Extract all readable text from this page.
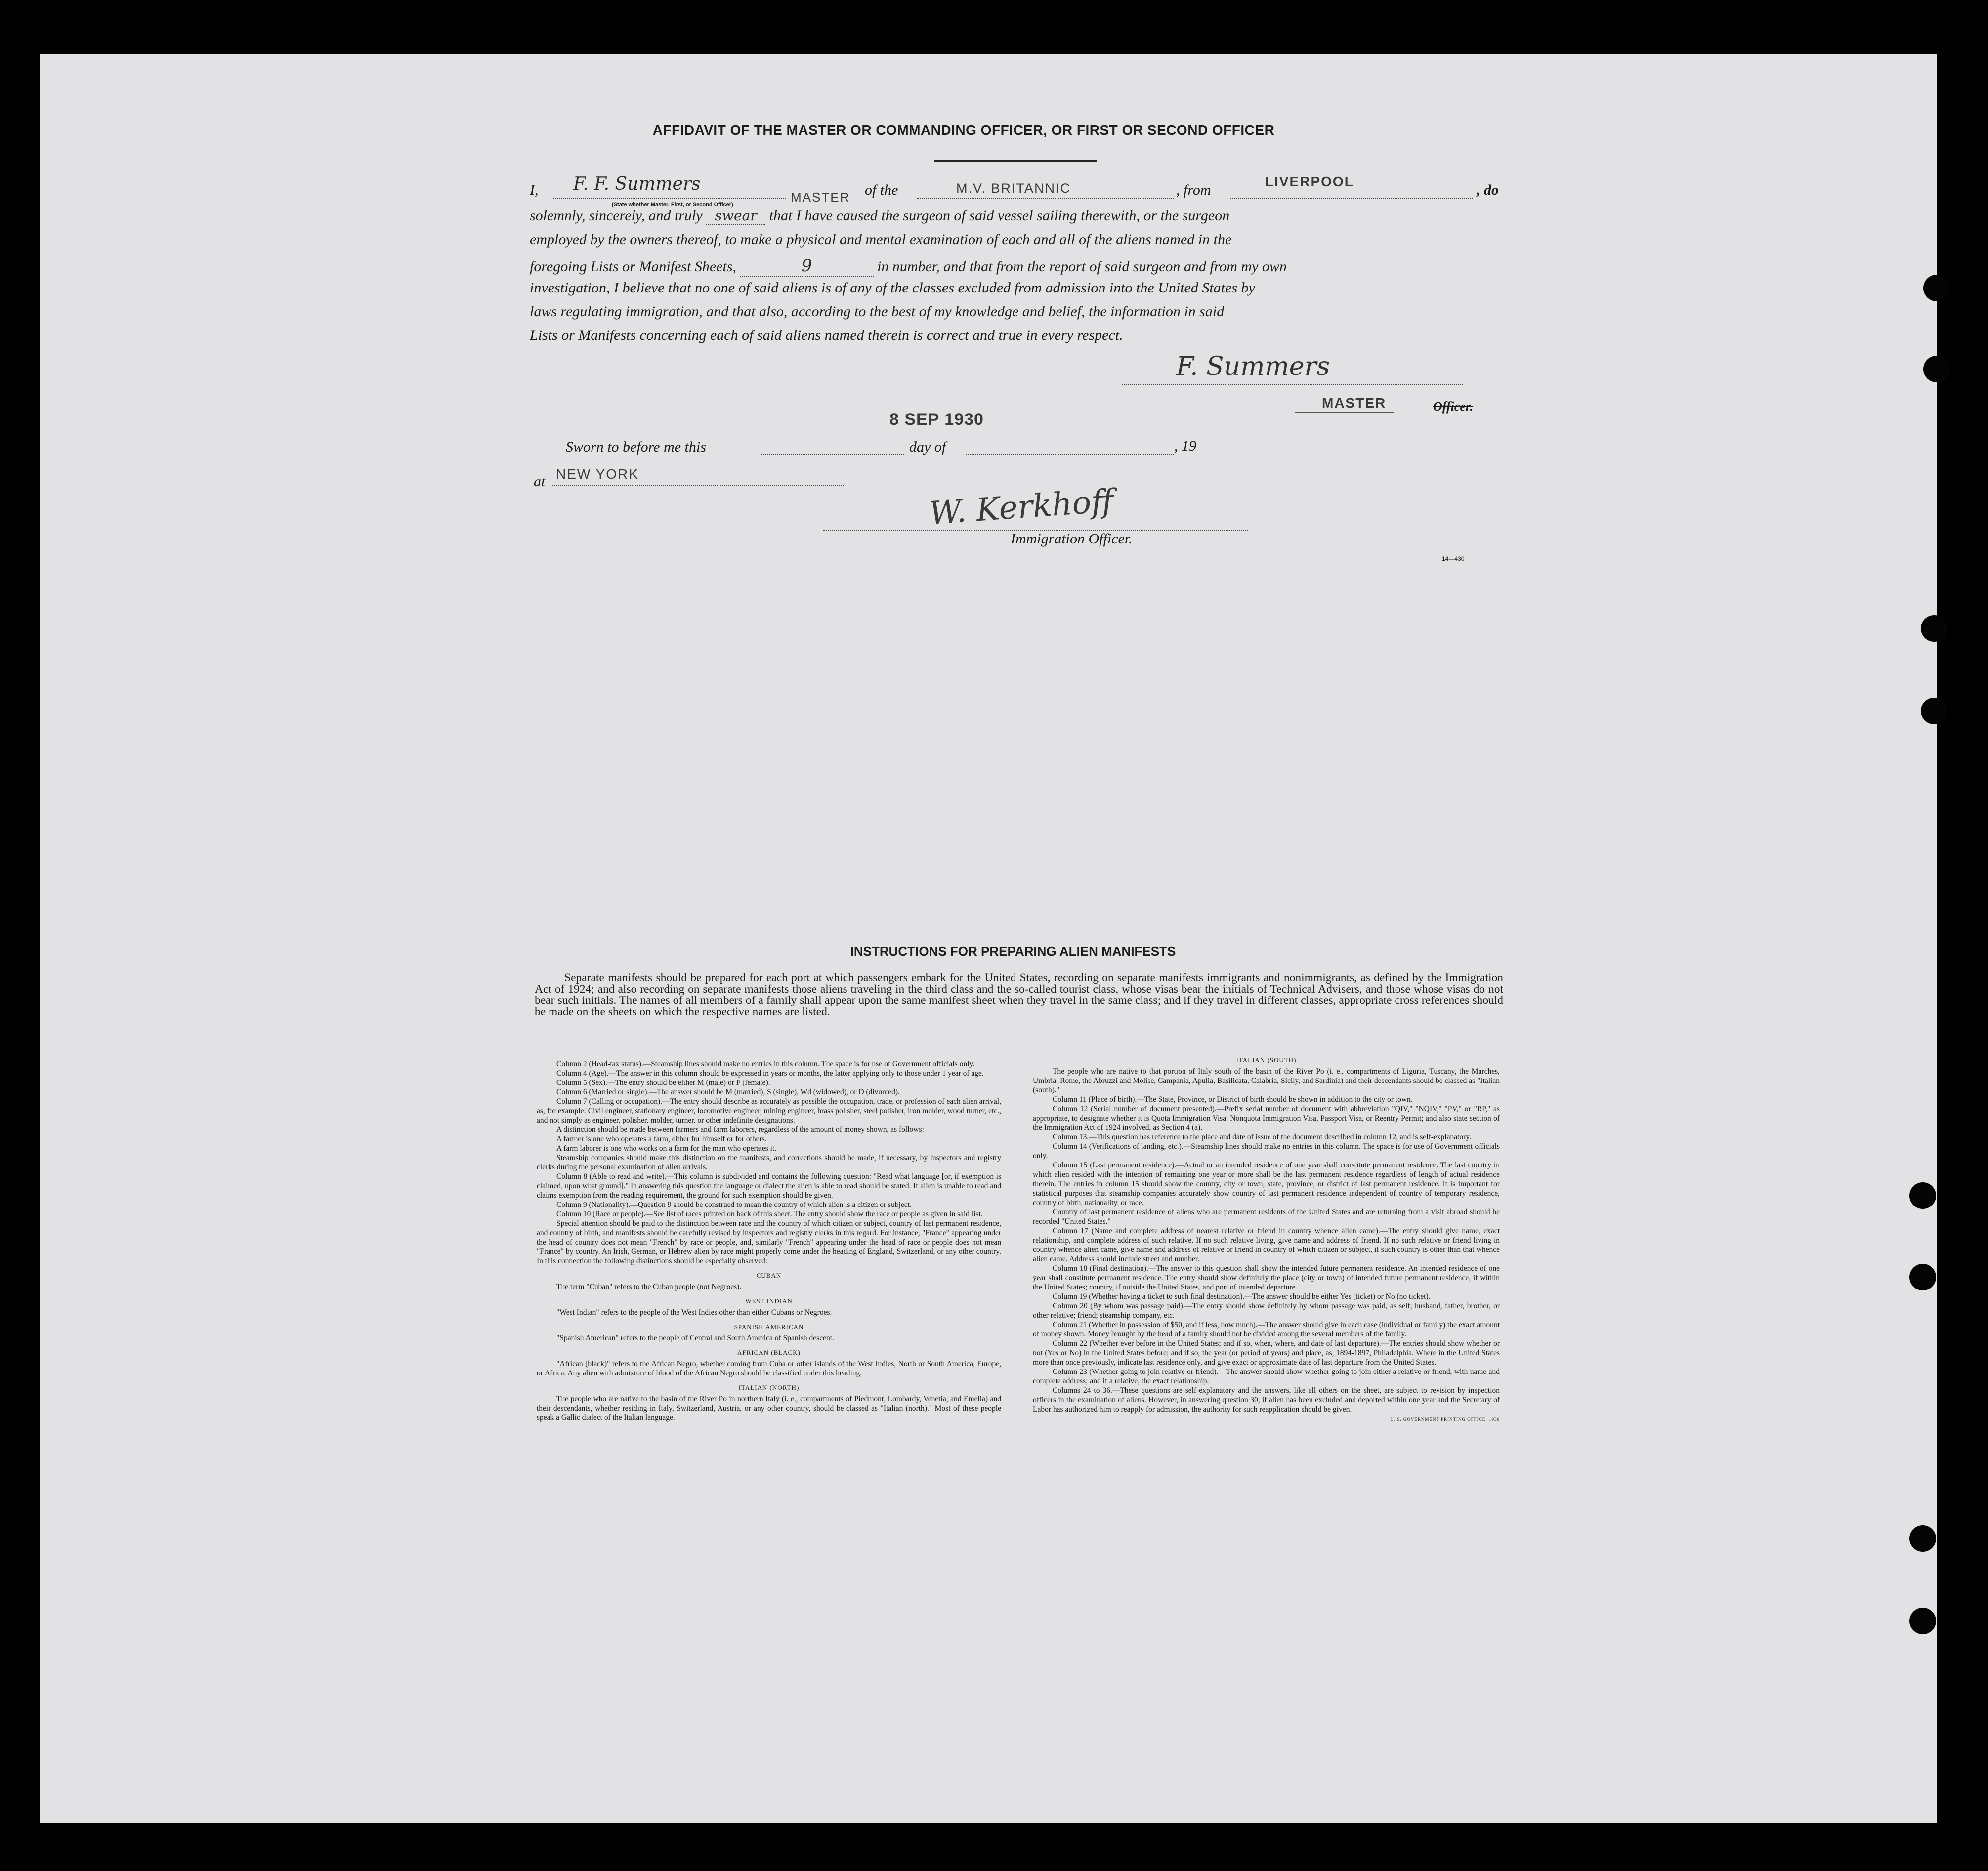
AFFIDAVIT OF THE MASTER OR COMMANDING OFFICER, OR FIRST OR SECOND OFFICER
I, F. F. Summers
MASTER of the	M.V. BRITANNIC	, from
LIVERPOOL
, do
(State whether Master, First, or Second Officer)
solemnly, sincerely, and truly swear that I have caused the surgeon of said vessel sailing therewith, or the surgeon
employed by the owners thereof, to make a physical and mental examination of each and all of the aliens named in the
foregoing Lists or Manifest Sheets,	9	in number, and that from the report of said surgeon and from my own
investigation, I believe that no one of said aliens is of any of the classes excluded from admission into the United States by
laws regulating immigration, and that also, according to the best of my knowledge and belief, the information in said
Lists or Manifests concerning each of said aliens named therein is correct and true in every respect.
F. Summers
MASTER	Officer.
8 SEP 1930
Sworn to before me this	day of	, 19
at NEW YORK
W. Kerkhoff
Immigration Officer.
14—430
INSTRUCTIONS FOR PREPARING ALIEN MANIFESTS
Separate manifests should be prepared for each port at which passengers embark for the United States, recording on separate manifests immigrants and nonimmigrants, as defined by the Immigration Act of 1924; and also recording on separate manifests those aliens traveling in the third class and the so-called tourist class, whose visas bear the initials of Technical Advisers, and those whose visas do not bear such initials. The names of all members of a family shall appear upon the same manifest sheet when they travel in the same class; and if they travel in different classes, appropriate cross references should be made on the sheets on which the respective names are listed.

Column 2 (Head-tax status).—Steamship lines should make no entries in this column. The space is for use of Government officials only.

Column 4 (Age).—The answer in this column should be expressed in years or months, the latter applying only to those under 1 year of age.

Column 5 (Sex).—The entry should be either M (male) or F (female).

Column 6 (Married or single).—The answer should be M (married), S (single), Wd (widowed), or D (divorced).

Column 7 (Calling or occupation).—The entry should describe as accurately as possible the occupation, trade, or profession of each alien arrival, as, for example: Civil engineer, stationary engineer, locomotive engineer, mining engineer, brass polisher, steel polisher, iron molder, wood turner, etc., and not simply as engineer, polisher, molder, turner, or other indefinite designations.

A distinction should be made between farmers and farm laborers, regardless of the amount of money shown, as follows:

A farmer is one who operates a farm, either for himself or for others.

A farm laborer is one who works on a farm for the man who operates it.

Steamship companies should make this distinction on the manifests, and corrections should be made, if necessary, by inspectors and registry clerks during the personal examination of alien arrivals.

Column 8 (Able to read and write).—This column is subdivided and contains the following question: "Read what language [or, if exemption is claimed, upon what ground]." In answering this question the language or dialect the alien is able to read should be stated. If alien is unable to read and claims exemption from the reading requirement, the ground for such exemption should be given.

Column 9 (Nationality).—Question 9 should be construed to mean the country of which alien is a citizen or subject.

Column 10 (Race or people).—See list of races printed on back of this sheet. The entry should show the race or people as given in said list.

Special attention should be paid to the distinction between race and the country of which citizen or subject, country of last permanent residence, and country of birth, and manifests should be carefully revised by inspectors and registry clerks in this regard. For instance, "France" appearing under the head of country does not mean "French" by race or people, and, similarly "French" appearing under the head of race or people does not mean "France" by country. An Irish, German, or Hebrew alien by race might properly come under the heading of England, Switzerland, or any other country. In this connection the following distinctions should be especially observed:

CUBAN

The term "Cuban" refers to the Cuban people (not Negroes).

WEST INDIAN

"West Indian" refers to the people of the West Indies other than either Cubans or Negroes.

SPANISH AMERICAN

"Spanish American" refers to the people of Central and South America of Spanish descent.

AFRICAN (BLACK)

"African (black)" refers to the African Negro, whether coming from Cuba or other islands of the West Indies, North or South America, Europe, or Africa. Any alien with admixture of blood of the African Negro should be classified under this heading.

ITALIAN (NORTH)

The people who are native to the basin of the River Po in northern Italy (i. e., compartments of Piedmont, Lombardy, Venetia, and Emelia) and their descendants, whether residing in Italy, Switzerland, Austria, or any other country, should be classed as "Italian (north)." Most of these people speak a Gallic dialect of the Italian language.

ITALIAN (SOUTH)

The people who are native to that portion of Italy south of the basin of the River Po (i. e., compartments of Liguria, Tuscany, the Marches, Umbria, Rome, the Abruzzi and Molise, Campania, Apulia, Basilicata, Calabria, Sicily, and Sardinia) and their descendants should be classed as "Italian (south)."

Column 11 (Place of birth).—The State, Province, or District of birth should be shown in addition to the city or town.

Column 12 (Serial number of document presented).—Prefix serial number of document with abbreviation "QIV," "NQIV," "PV," or "RP," as appropriate, to designate whether it is Quota Immigration Visa, Nonquota Immigration Visa, Passport Visa, or Reentry Permit; and also state section of the Immigration Act of 1924 involved, as Section 4 (a).

Column 13.—This question has reference to the place and date of issue of the document described in column 12, and is self-explanatory.

Column 14 (Verifications of landing, etc.).—Steamship lines should make no entries in this column. The space is for use of Government officials only.

Column 15 (Last permanent residence).—Actual or an intended residence of one year shall constitute permanent residence. The last country in which alien resided with the intention of remaining one year or more shall be the last permanent residence regardless of length of actual residence therein. The entries in column 15 should show the country, city or town, state, province, or district of last permanent residence. It is important for statistical purposes that steamship companies accurately show country of last permanent residence independent of country of temporary residence, country of birth, nationality, or race.

Country of last permanent residence of aliens who are permanent residents of the United States and are returning from a visit abroad should be recorded "United States."

Column 17 (Name and complete address of nearest relative or friend in country whence alien came).—The entry should give name, exact relationship, and complete address of such relative. If no such relative living, give name and address of friend. If no such relative or friend living in country whence alien came, give name and address of relative or friend in country of which citizen or subject, if such country is other than that whence alien came. Address should include street and number.

Column 18 (Final destination).—The answer to this question shall show the intended future permanent residence. An intended residence of one year shall constitute permanent residence. The entry should show definitely the place (city or town) of intended future permanent residence, if within the United States; country, if outside the United States, and port of intended departure.

Column 19 (Whether having a ticket to such final destination).—The answer should be either Yes (ticket) or No (no ticket).

Column 20 (By whom was passage paid).—The entry should show definitely by whom passage was paid, as self; husband, father, brother, or other relative; friend; steamship company, etc.

Column 21 (Whether in possession of $50, and if less, how much).—The answer should give in each case (individual or family) the exact amount of money shown. Money brought by the head of a family should not be divided among the several members of the family.

Column 22 (Whether ever before in the United States; and if so, when, where, and date of last departure).—The entries should show whether or not (Yes or No) in the United States before; and if so, the year (or period of years) and place, as, 1894-1897, Philadelphia. Where in the United States more than once previously, indicate last residence only, and give exact or approximate date of last departure from the United States.

Column 23 (Whether going to join relative or friend).—The answer should show whether going to join either a relative or friend, with name and complete address; and if a relative, the exact relationship.

Columns 24 to 36.—These questions are self-explanatory and the answers, like all others on the sheet, are subject to revision by inspection officers in the examination of aliens. However, in answering question 30, if alien has been excluded and deported within one year and the Secretary of Labor has authorized him to reapply for admission, the authority for such reapplication should be given.

U. S. GOVERNMENT PRINTING OFFICE: 1930
